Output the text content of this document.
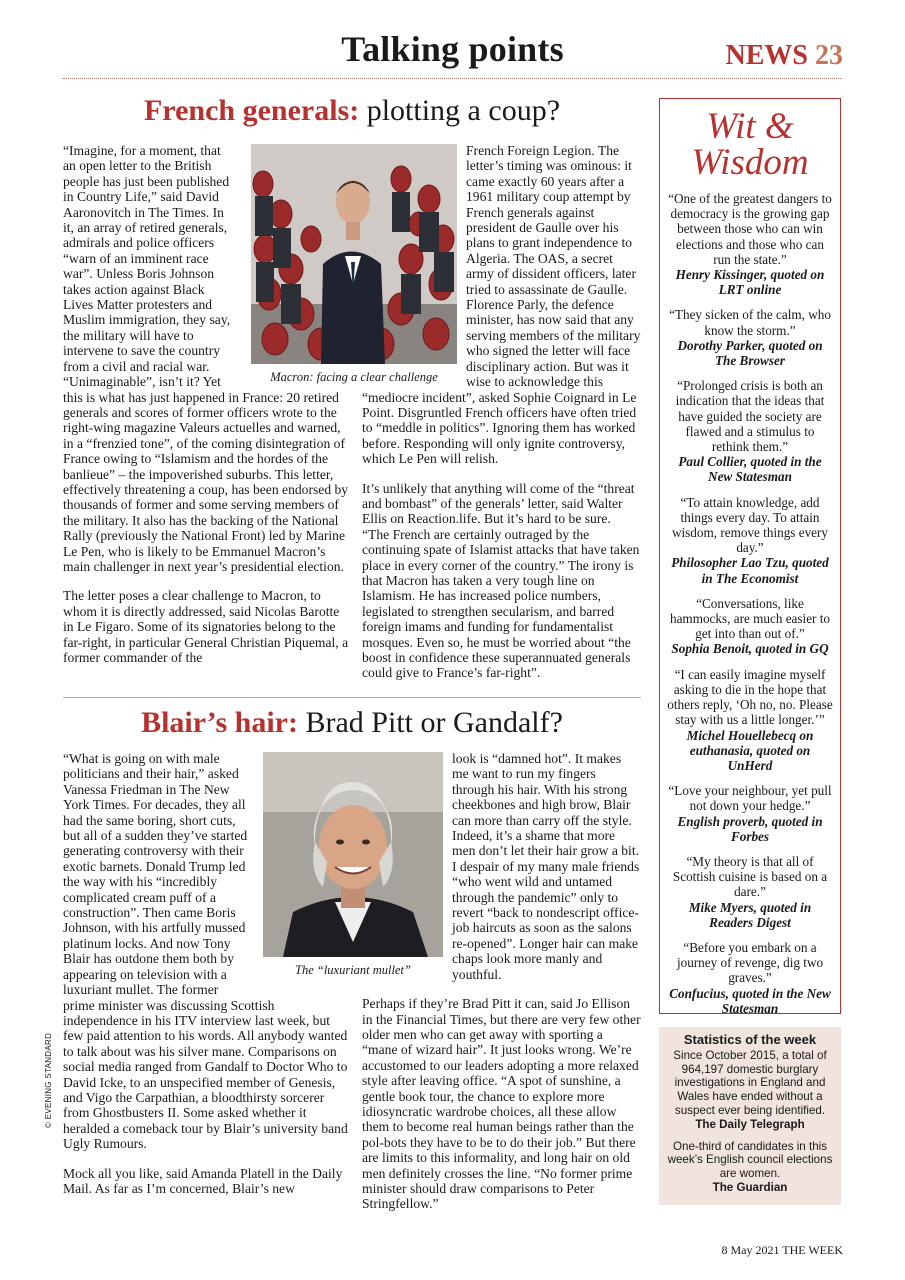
Talking points	NEWS 23
French generals: plotting a coup?
Macron: facing a clear challenge

“Imagine, for a moment, that an open letter to the British people has just been published in Country Life,” said David Aaronovitch in The Times. In it, an array of retired generals, admirals and police officers “warn of an imminent race war”. Unless Boris Johnson takes action against Black Lives Matter protesters and Muslim immigration, they say, the military will have to intervene to save the country from a civil and racial war. “Unimaginable”, isn’t it? Yet this is what has just happened in France: 20 retired generals and scores of former officers wrote to the right-wing magazine Valeurs actuelles and warned, in a “frenzied tone”, of the coming disintegration of France owing to “Islamism and the hordes of the banlieue” – the impoverished suburbs. This letter, effectively threatening a coup, has been endorsed by thousands of former and some serving members of the military. It also has the backing of the National Rally (previously the National Front) led by Marine Le Pen, who is likely to be Emmanuel Macron’s main challenger in next year’s presidential election.

The letter poses a clear challenge to Macron, to whom it is directly addressed, said Nicolas Barotte in Le Figaro. Some of its signatories belong to the far-right, in particular General Christian Piquemal, a former commander of the

French Foreign Legion. The letter’s timing was ominous: it came exactly 60 years after a 1961 military coup attempt by French generals against president de Gaulle over his plans to grant independence to Algeria. The OAS, a secret army of dissident officers, later tried to assassinate de Gaulle. Florence Parly, the defence minister, has now said that any serving members of the military who signed the letter will face disciplinary action. But was it wise to acknowledge this “mediocre incident”, asked Sophie Coignard in Le Point. Disgruntled French officers have often tried to “meddle in politics”. Ignoring them has worked before. Responding will only ignite controversy, which Le Pen will relish.

It’s unlikely that anything will come of the “threat and bombast” of the generals’ letter, said Walter Ellis on Reaction.life. But it’s hard to be sure. “The French are certainly outraged by the continuing spate of Islamist attacks that have taken place in every corner of the country.” The irony is that Macron has taken a very tough line on Islamism. He has increased police numbers, legislated to strengthen secularism, and barred foreign imams and funding for fundamentalist mosques. Even so, he must be worried about “the boost in confidence these superannuated generals could give to France’s far-right”.

Blair’s hair: Brad Pitt or Gandalf?
The “luxuriant mullet”

“What is going on with male politicians and their hair,” asked Vanessa Friedman in The New York Times. For decades, they all had the same boring, short cuts, but all of a sudden they’ve started generating controversy with their exotic barnets. Donald Trump led the way with his “incredibly complicated cream puff of a construction”. Then came Boris Johnson, with his artfully mussed platinum locks. And now Tony Blair has outdone them both by appearing on television with a luxuriant mullet. The former prime minister was discussing Scottish independence in his ITV interview last week, but few paid attention to his words. All anybody wanted to talk about was his silver mane. Comparisons on social media ranged from Gandalf to Doctor Who to David Icke, to an unspecified member of Genesis, and Vigo the Carpathian, a bloodthirsty sorcerer from Ghostbusters II. Some asked whether it heralded a comeback tour by Blair’s university band Ugly Rumours.

Mock all you like, said Amanda Platell in the Daily Mail. As far as I’m concerned, Blair’s new

look is “damned hot”. It makes me want to run my fingers through his hair. With his strong cheekbones and high brow, Blair can more than carry off the style. Indeed, it’s a shame that more men don’t let their hair grow a bit. I despair of my many male friends “who went wild and untamed through the pandemic” only to revert “back to nondescript office-job haircuts as soon as the salons re-opened”. Longer hair can make chaps look more manly and youthful.

Perhaps if they’re Brad Pitt it can, said Jo Ellison in the Financial Times, but there are very few other older men who can get away with sporting a “mane of wizard hair”. It just looks wrong. We’re accustomed to our leaders adopting a more relaxed style after leaving office. “A spot of sunshine, a gentle book tour, the chance to explore more idiosyncratic wardrobe choices, all these allow them to become real human beings rather than the pol-bots they have to be to do their job.” But there are limits to this informality, and long hair on old men definitely crosses the line. “No former prime minister should draw comparisons to Peter Stringfellow.”

Wit &
Wisdom
“One of the greatest dangers to democracy is the growing gap between those who can win elections and those who can run the state.”
Henry Kissinger, quoted on LRT online
“They sicken of the calm, who know the storm.”
Dorothy Parker, quoted on The Browser
“Prolonged crisis is both an indication that the ideas that have guided the society are flawed and a stimulus to rethink them.”
Paul Collier, quoted in the New Statesman
“To attain knowledge, add things every day. To attain wisdom, remove things every day.”
Philosopher Lao Tzu, quoted in The Economist
“Conversations, like hammocks, are much easier to get into than out of.”
Sophia Benoit, quoted in GQ
“I can easily imagine myself asking to die in the hope that others reply, ‘Oh no, no. Please stay with us a little longer.’”
Michel Houellebecq on euthanasia, quoted on UnHerd
“Love your neighbour, yet pull not down your hedge.”
English proverb, quoted in Forbes
“My theory is that all of Scottish cuisine is based on a dare.”
Mike Myers, quoted in Readers Digest
“Before you embark on a journey of revenge, dig two graves.”
Confucius, quoted in the New Statesman
Statistics of the week
Since October 2015, a total of 964,197 domestic burglary investigations in England and Wales have ended without a suspect ever being identified.
The Daily Telegraph
One-third of candidates in this week’s English council elections are women.
The Guardian
© EVENING STANDARD
8 May 2021 THE WEEK
